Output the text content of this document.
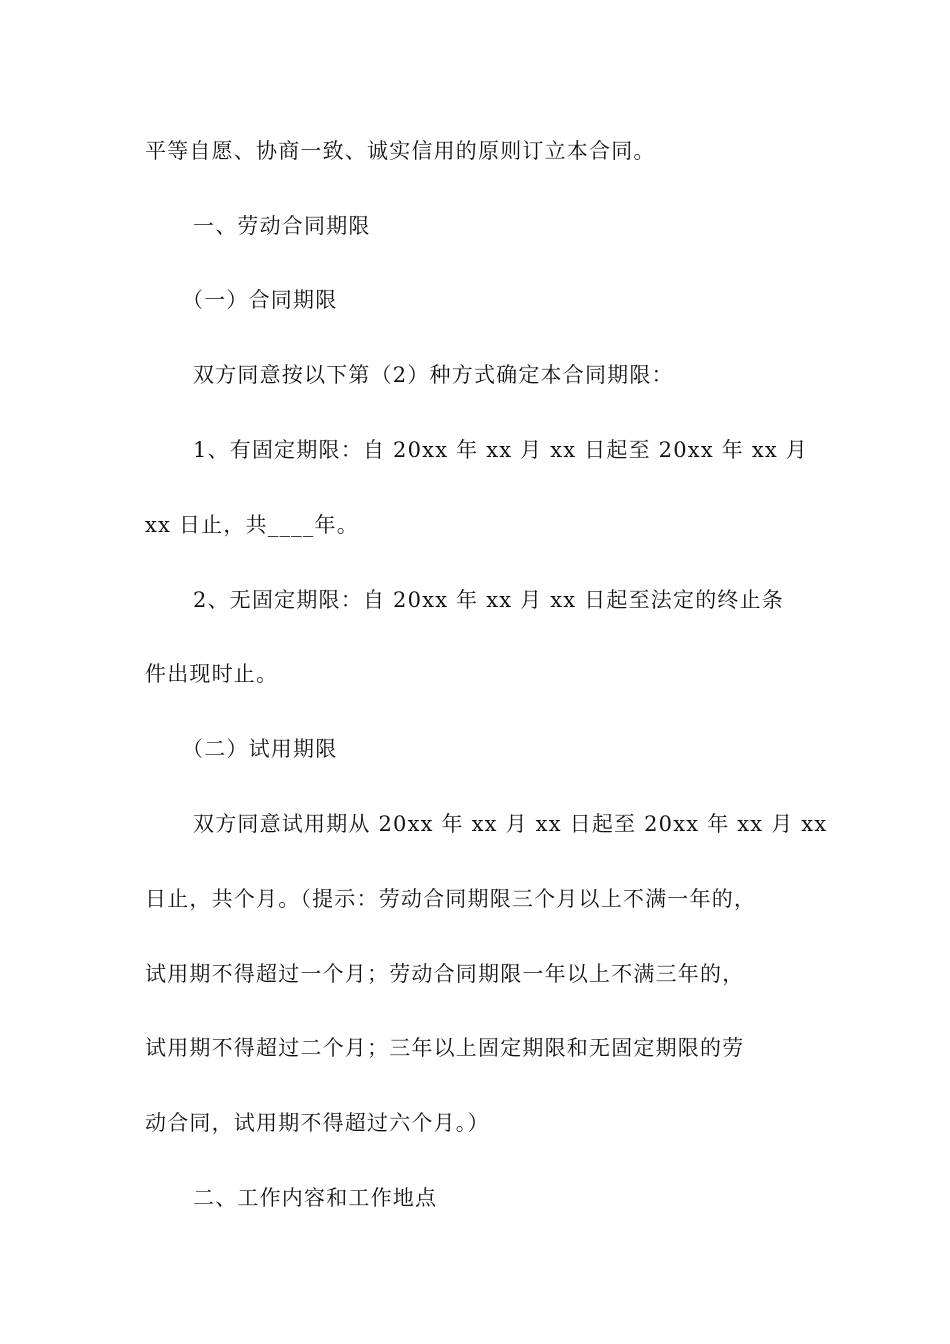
平等自愿、协商一致、诚实信用的原则订立本合同。
一、劳动合同期限
（一）合同期限
双方同意按以下第（2）种方式确定本合同期限：
1、有固定期限：自 20xx 年 xx 月 xx 日起至 20xx 年 xx 月
xx 日止，共____年。
2、无固定期限：自 20xx 年 xx 月 xx 日起至法定的终止条
件出现时止。
（二）试用期限
双方同意试用期从 20xx 年 xx 月 xx 日起至 20xx 年 xx 月 xx
日止，共个月。（提示：劳动合同期限三个月以上不满一年的，
试用期不得超过一个月；劳动合同期限一年以上不满三年的，
试用期不得超过二个月；三年以上固定期限和无固定期限的劳
动合同，试用期不得超过六个月。）
二、工作内容和工作地点
